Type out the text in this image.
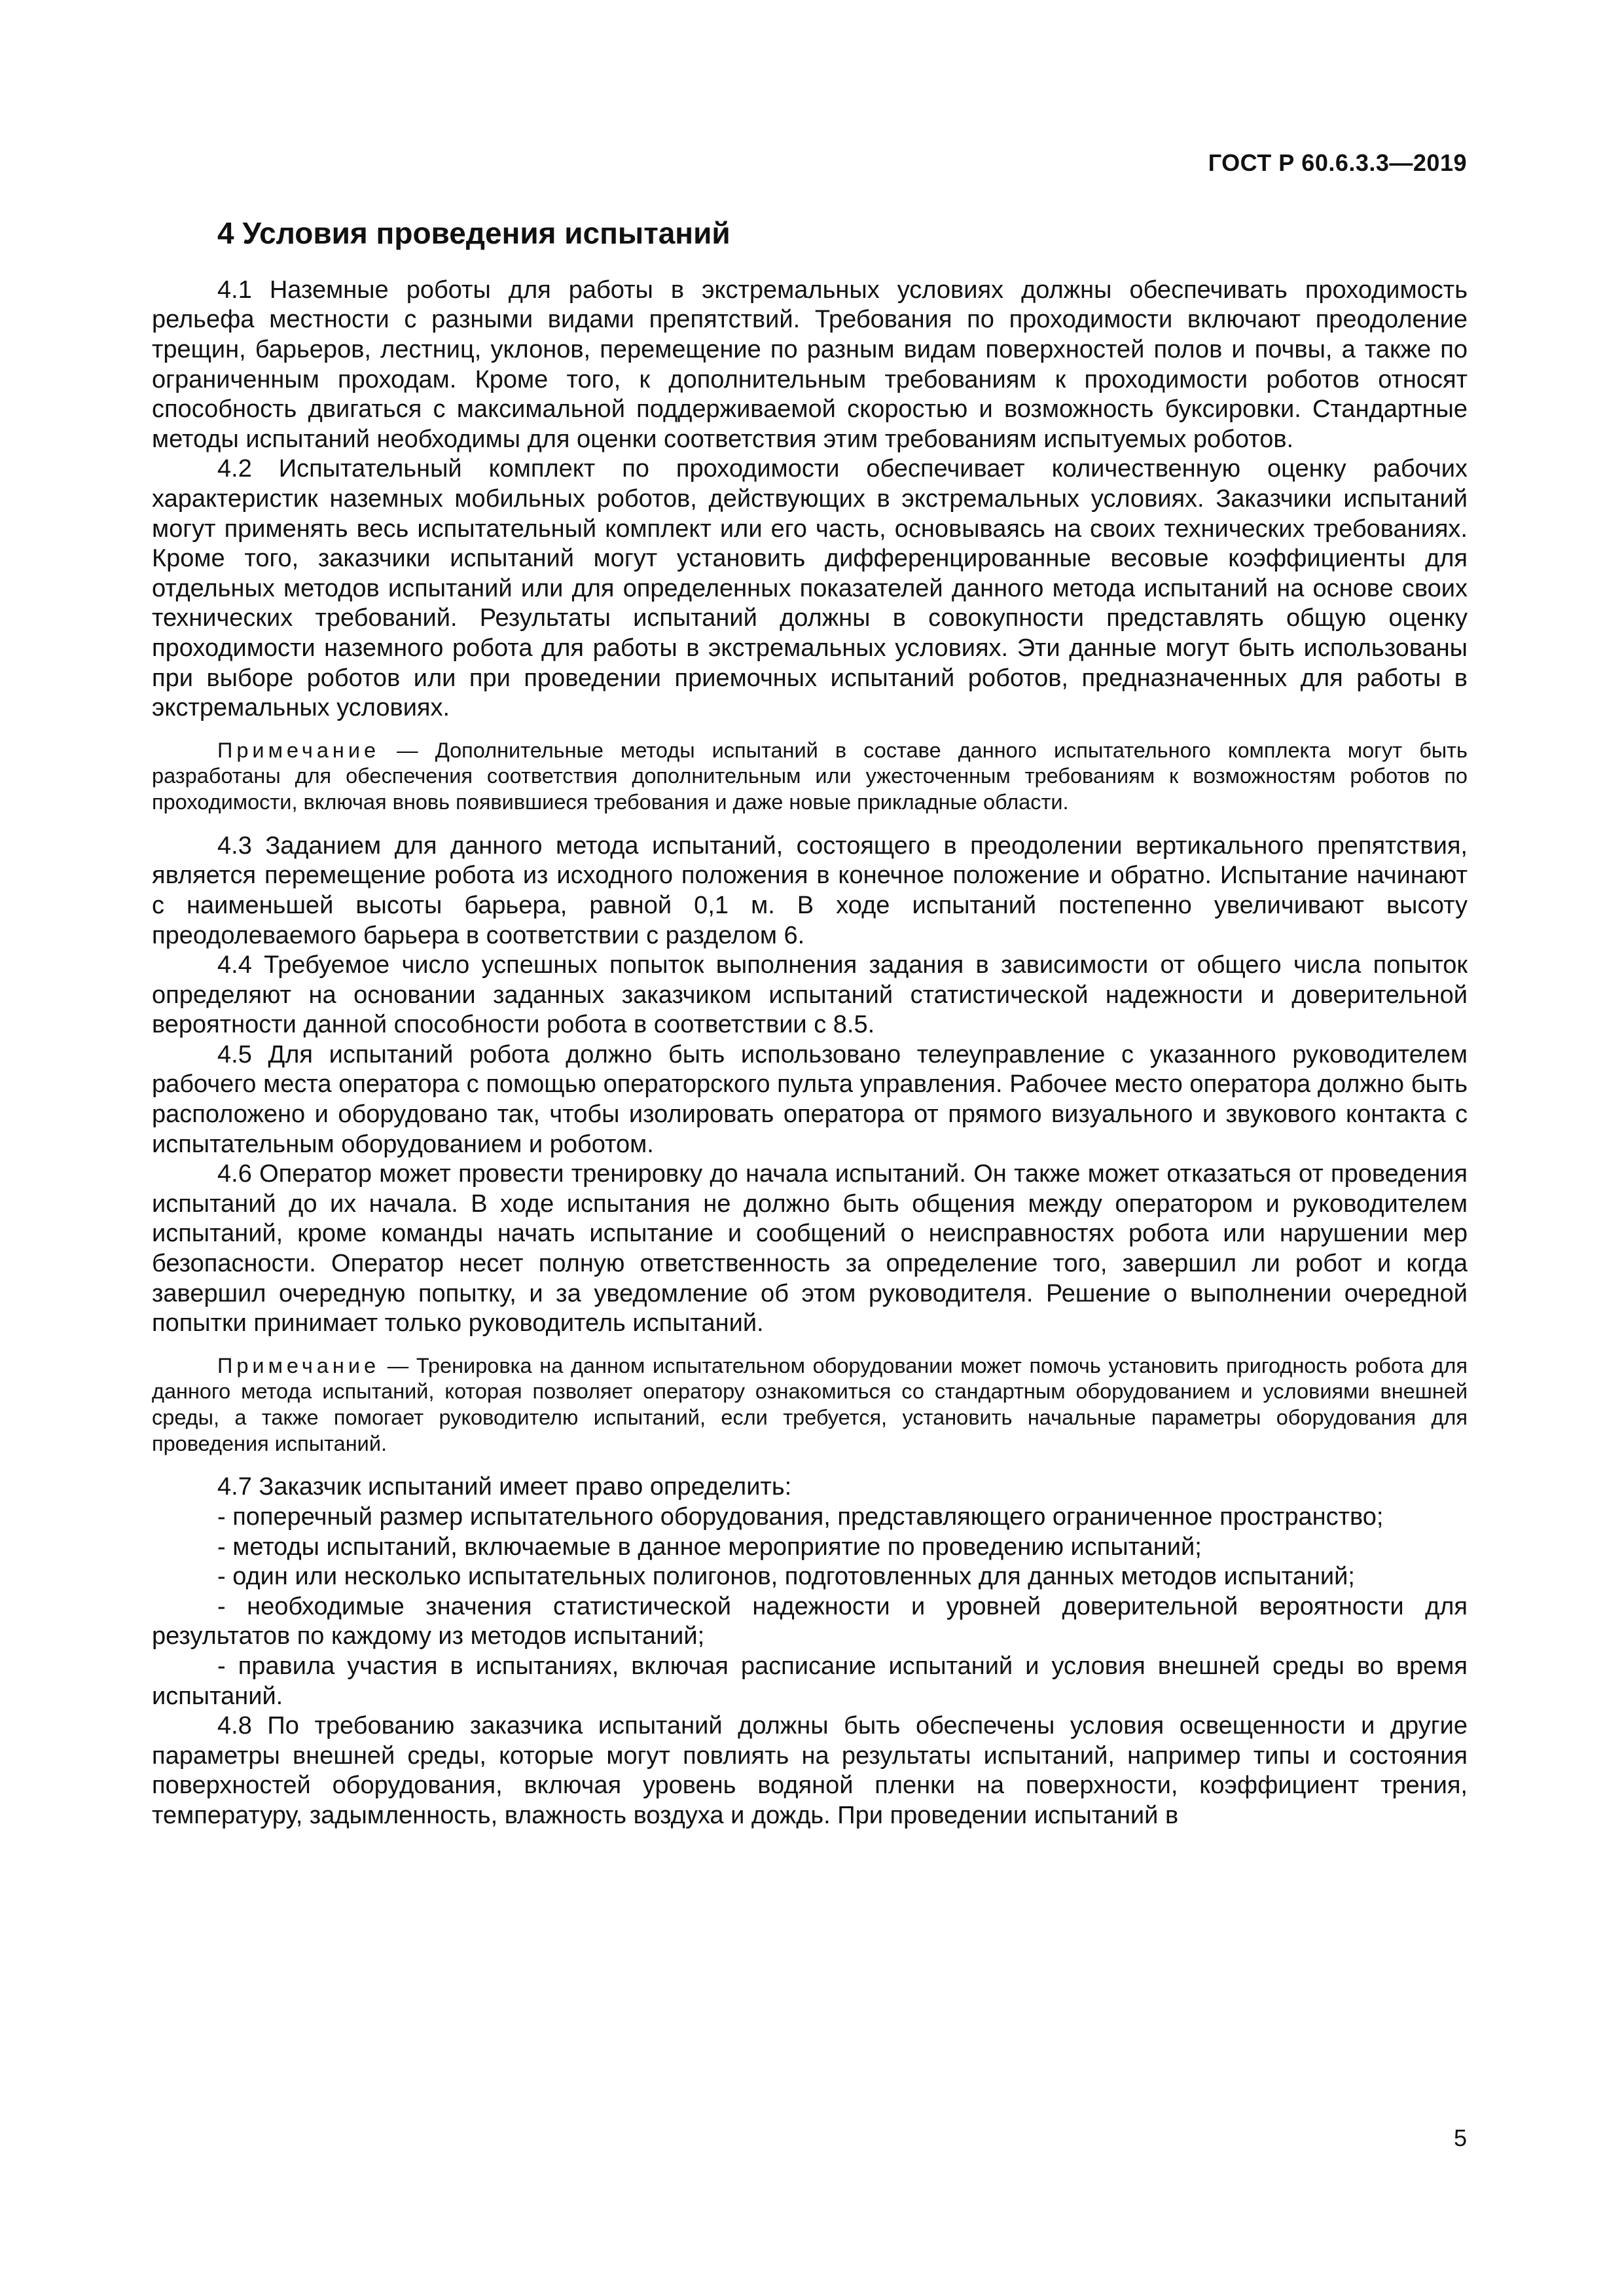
ГОСТ Р 60.6.3.3—2019
4 Условия проведения испытаний

4.1 Наземные роботы для работы в экстремальных условиях должны обеспечивать проходимость рельефа местности с разными видами препятствий. Требования по проходимости включают преодоление трещин, барьеров, лестниц, уклонов, перемещение по разным видам поверхностей полов и почвы, а также по ограниченным проходам. Кроме того, к дополнительным требованиям к проходимости роботов относят способность двигаться с максимальной поддерживаемой скоростью и возможность буксировки. Стандартные методы испытаний необходимы для оценки соответствия этим требованиям испытуемых роботов.

4.2 Испытательный комплект по проходимости обеспечивает количественную оценку рабочих характеристик наземных мобильных роботов, действующих в экстремальных условиях. Заказчики испытаний могут применять весь испытательный комплект или его часть, основываясь на своих технических требованиях. Кроме того, заказчики испытаний могут установить дифференцированные весовые коэффициенты для отдельных методов испытаний или для определенных показателей данного метода испытаний на основе своих технических требований. Результаты испытаний должны в совокупности представлять общую оценку проходимости наземного робота для работы в экстремальных условиях. Эти данные могут быть использованы при выборе роботов или при проведении приемочных испытаний роботов, предназначенных для работы в экстремальных условиях.

Примечание — Дополнительные методы испытаний в составе данного испытательного комплекта могут быть разработаны для обеспечения соответствия дополнительным или ужесточенным требованиям к возможностям роботов по проходимости, включая вновь появившиеся требования и даже новые прикладные области.

4.3 Заданием для данного метода испытаний, состоящего в преодолении вертикального препятствия, является перемещение робота из исходного положения в конечное положение и обратно. Испытание начинают с наименьшей высоты барьера, равной 0,1 м. В ходе испытаний постепенно увеличивают высоту преодолеваемого барьера в соответствии с разделом 6.

4.4 Требуемое число успешных попыток выполнения задания в зависимости от общего числа попыток определяют на основании заданных заказчиком испытаний статистической надежности и доверительной вероятности данной способности робота в соответствии с 8.5.

4.5 Для испытаний робота должно быть использовано телеуправление с указанного руководителем рабочего места оператора с помощью операторского пульта управления. Рабочее место оператора должно быть расположено и оборудовано так, чтобы изолировать оператора от прямого визуального и звукового контакта с испытательным оборудованием и роботом.

4.6 Оператор может провести тренировку до начала испытаний. Он также может отказаться от проведения испытаний до их начала. В ходе испытания не должно быть общения между оператором и руководителем испытаний, кроме команды начать испытание и сообщений о неисправностях робота или нарушении мер безопасности. Оператор несет полную ответственность за определение того, завершил ли робот и когда завершил очередную попытку, и за уведомление об этом руководителя. Решение о выполнении очередной попытки принимает только руководитель испытаний.

Примечание — Тренировка на данном испытательном оборудовании может помочь установить пригодность робота для данного метода испытаний, которая позволяет оператору ознакомиться со стандартным оборудованием и условиями внешней среды, а также помогает руководителю испытаний, если требуется, установить начальные параметры оборудования для проведения испытаний.

4.7 Заказчик испытаний имеет право определить:

- поперечный размер испытательного оборудования, представляющего ограниченное пространство;

- методы испытаний, включаемые в данное мероприятие по проведению испытаний;

- один или несколько испытательных полигонов, подготовленных для данных методов испытаний;

- необходимые значения статистической надежности и уровней доверительной вероятности для результатов по каждому из методов испытаний;

- правила участия в испытаниях, включая расписание испытаний и условия внешней среды во время испытаний.

4.8 По требованию заказчика испытаний должны быть обеспечены условия освещенности и другие параметры внешней среды, которые могут повлиять на результаты испытаний, например типы и состояния поверхностей оборудования, включая уровень водяной пленки на поверхности, коэффициент трения, температуру, задымленность, влажность воздуха и дождь. При проведении испытаний в

5
